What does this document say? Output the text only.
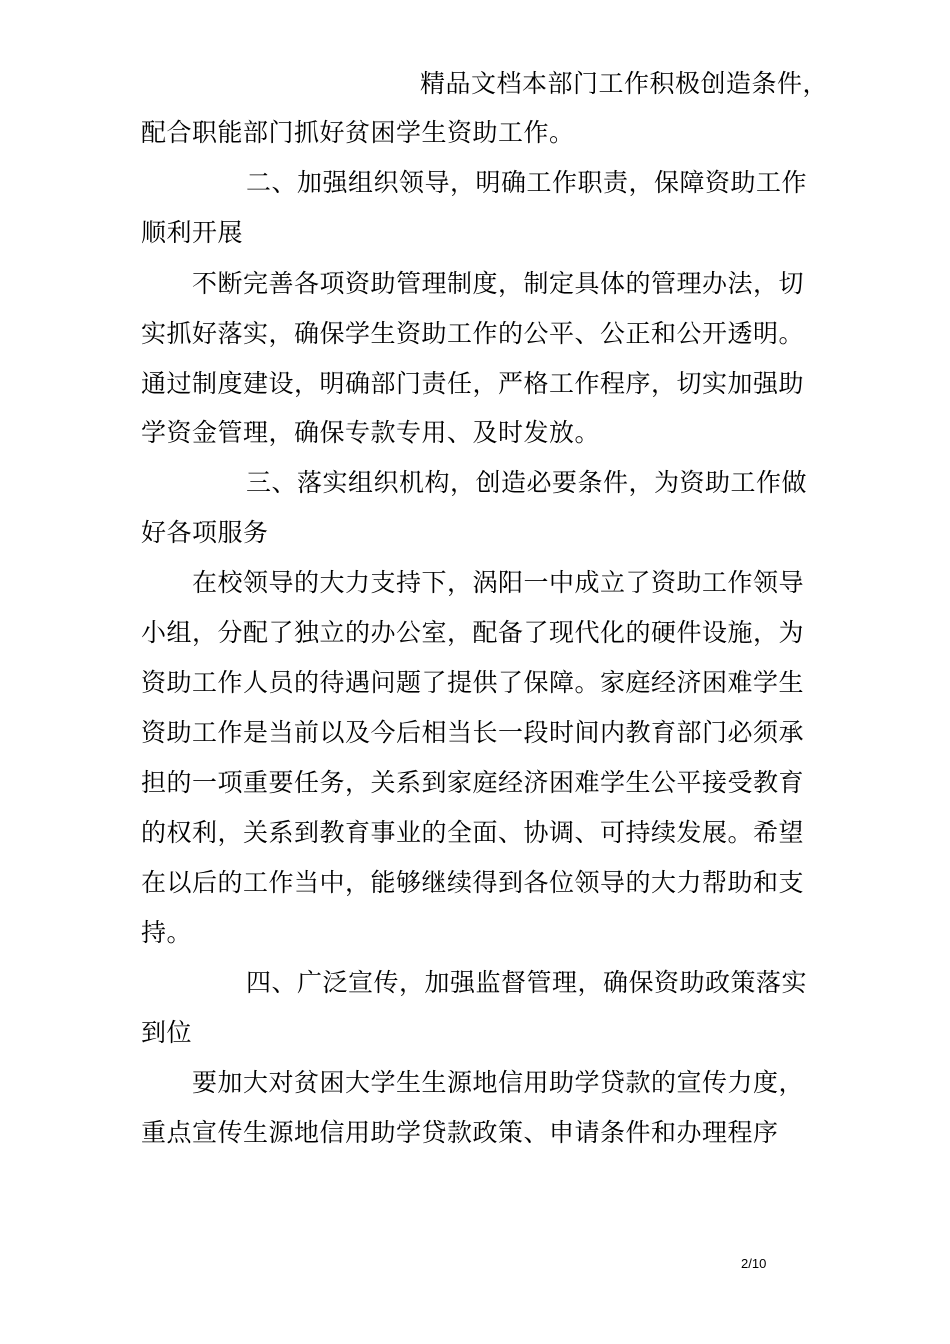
精品文档本部门工作积极创造条件，
配合职能部门抓好贫困学生资助工作。
二、加强组织领导，明确工作职责，保障资助工作
顺利开展
不断完善各项资助管理制度，制定具体的管理办法，切
实抓好落实，确保学生资助工作的公平、公正和公开透明。
通过制度建设，明确部门责任，严格工作程序，切实加强助
学资金管理，确保专款专用、及时发放。
三、落实组织机构，创造必要条件，为资助工作做
好各项服务
在校领导的大力支持下，涡阳一中成立了资助工作领导
小组，分配了独立的办公室，配备了现代化的硬件设施，为
资助工作人员的待遇问题了提供了保障。家庭经济困难学生
资助工作是当前以及今后相当长一段时间内教育部门必须承
担的一项重要任务，关系到家庭经济困难学生公平接受教育
的权利，关系到教育事业的全面、协调、可持续发展。希望
在以后的工作当中，能够继续得到各位领导的大力帮助和支
持。
四、广泛宣传，加强监督管理，确保资助政策落实
到位
要加大对贫困大学生生源地信用助学贷款的宣传力度，
重点宣传生源地信用助学贷款政策、申请条件和办理程序
2/10
